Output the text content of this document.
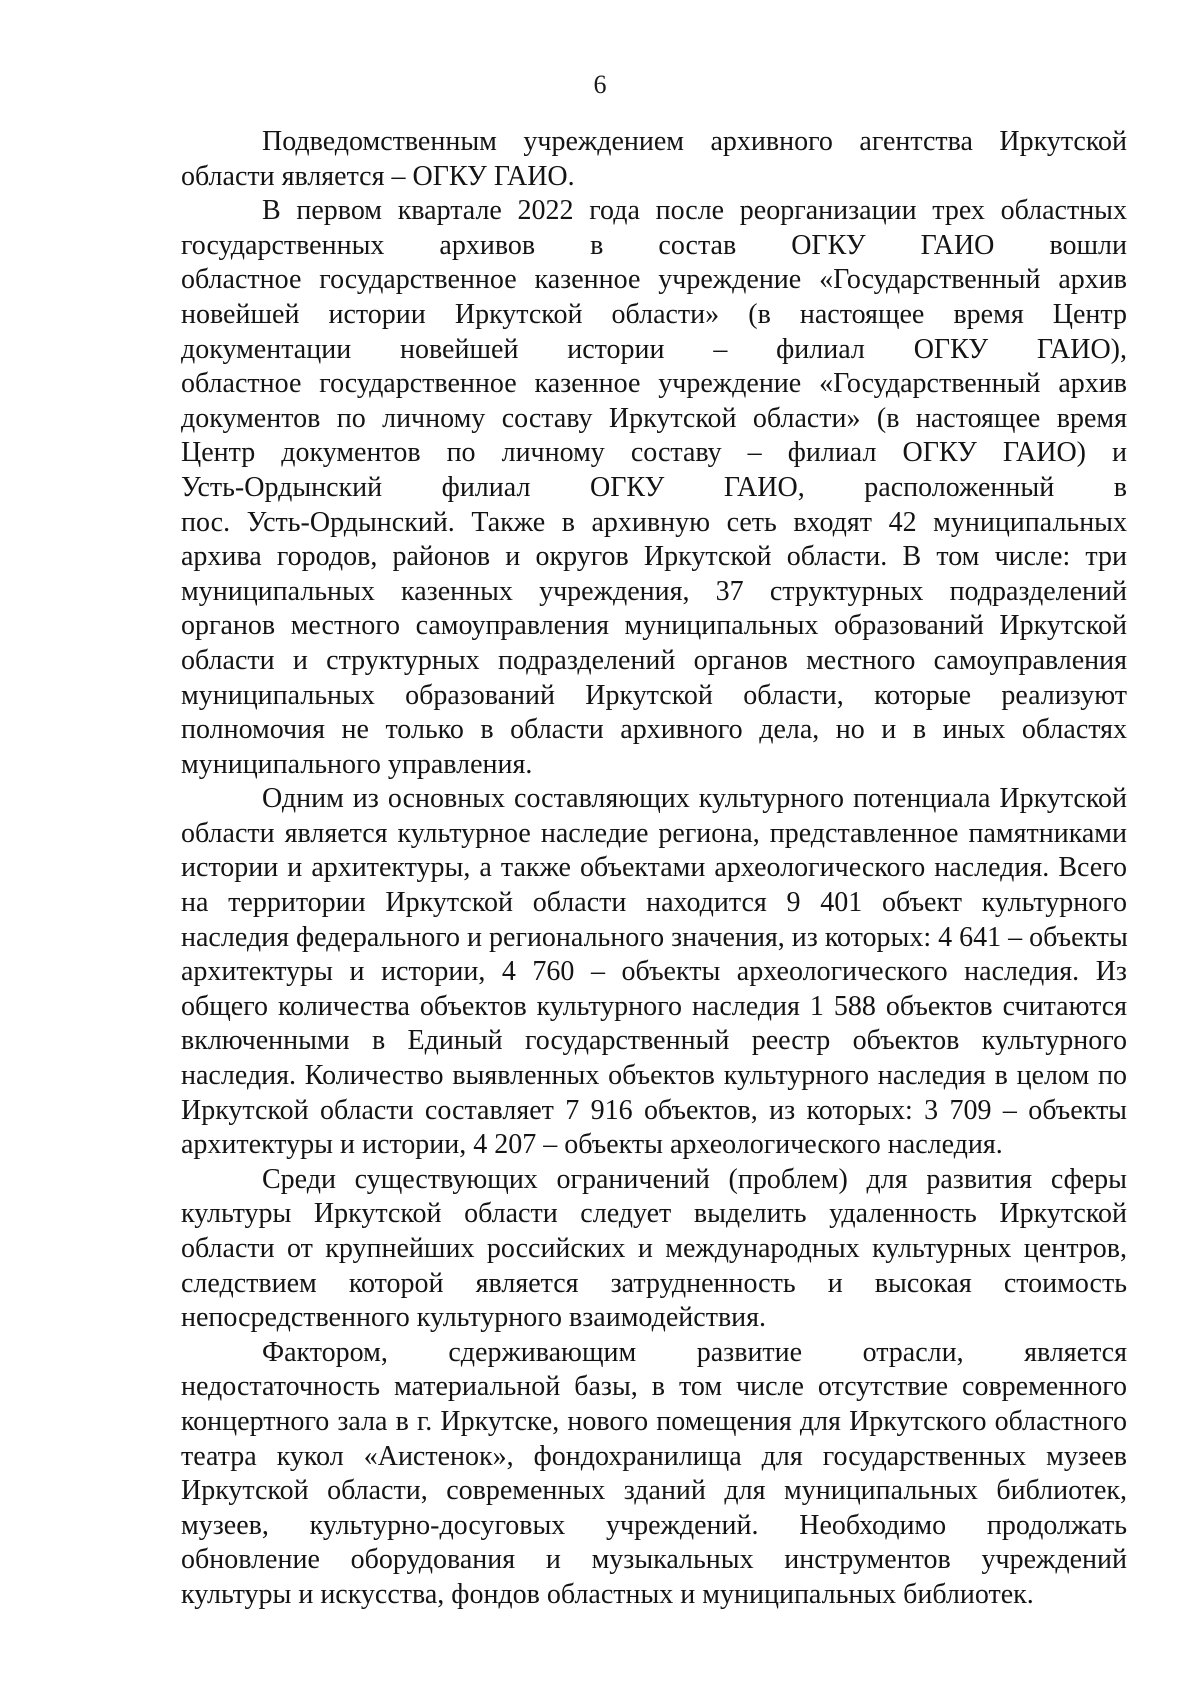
6
Подведомственным учреждением архивного агентства Иркутской
области является – ОГКУ ГАИО.
В первом квартале 2022 года после реорганизации трех областных
государственных архивов в состав ОГКУ ГАИО вошли
областное государственное казенное учреждение «Государственный архив
новейшей истории Иркутской области» (в настоящее время Центр
документации новейшей истории – филиал ОГКУ ГАИО),
областное государственное казенное учреждение «Государственный архив
документов по личному составу Иркутской области» (в настоящее время
Центр документов по личному составу – филиал ОГКУ ГАИО) и
Усть-Ордынский филиал ОГКУ ГАИО, расположенный в
пос. Усть-Ордынский. Также в архивную сеть входят 42 муниципальных
архива городов, районов и округов Иркутской области. В том числе: три
муниципальных казенных учреждения, 37 структурных подразделений
органов местного самоуправления муниципальных образований Иркутской
области и структурных подразделений органов местного самоуправления
муниципальных образований Иркутской области, которые реализуют
полномочия не только в области архивного дела, но и в иных областях
муниципального управления.
Одним из основных составляющих культурного потенциала Иркутской
области является культурное наследие региона, представленное памятниками
истории и архитектуры, а также объектами археологического наследия. Всего
на территории Иркутской области находится 9 401 объект культурного
наследия федерального и регионального значения, из которых: 4 641 – объекты
архитектуры и истории, 4 760 – объекты археологического наследия. Из
общего количества объектов культурного наследия 1 588 объектов считаются
включенными в Единый государственный реестр объектов культурного
наследия. Количество выявленных объектов культурного наследия в целом по
Иркутской области составляет 7 916 объектов, из которых: 3 709 – объекты
архитектуры и истории, 4 207 – объекты археологического наследия.
Среди существующих ограничений (проблем) для развития сферы
культуры Иркутской области следует выделить удаленность Иркутской
области от крупнейших российских и международных культурных центров,
следствием которой является затрудненность и высокая стоимость
непосредственного культурного взаимодействия.
Фактором, сдерживающим развитие отрасли, является
недостаточность материальной базы, в том числе отсутствие современного
концертного зала в г. Иркутске, нового помещения для Иркутского областного
театра кукол «Аистенок», фондохранилища для государственных музеев
Иркутской области, современных зданий для муниципальных библиотек,
музеев, культурно-досуговых учреждений. Необходимо продолжать
обновление оборудования и музыкальных инструментов учреждений
культуры и искусства, фондов областных и муниципальных библиотек.
